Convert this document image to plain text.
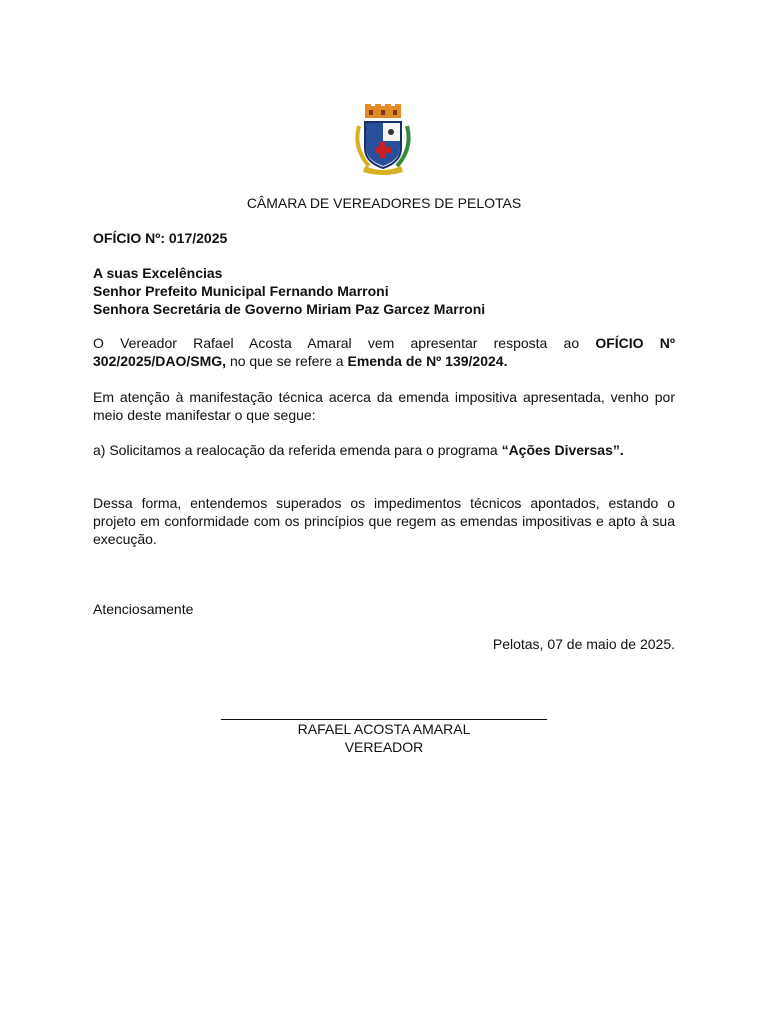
CÂMARA DE VEREADORES DE PELOTAS
OFÍCIO Nº: 017/2025
A suas Excelências
Senhor Prefeito Municipal Fernando Marroni
Senhora Secretária de Governo Miriam Paz Garcez Marroni
O Vereador Rafael Acosta Amaral vem apresentar resposta ao OFÍCIO Nº 302/2025/DAO/SMG, no que se refere a Emenda de Nº 139/2024.
Em atenção à manifestação técnica acerca da emenda impositiva apresentada, venho por meio deste manifestar o que segue:
a) Solicitamos a realocação da referida emenda para o programa “Ações Diversas”.
Dessa forma, entendemos superados os impedimentos técnicos apontados, estando o projeto em conformidade com os princípios que regem as emendas impositivas e apto à sua execução.
Atenciosamente
Pelotas, 07 de maio de 2025.
RAFAEL ACOSTA AMARAL
VEREADOR
